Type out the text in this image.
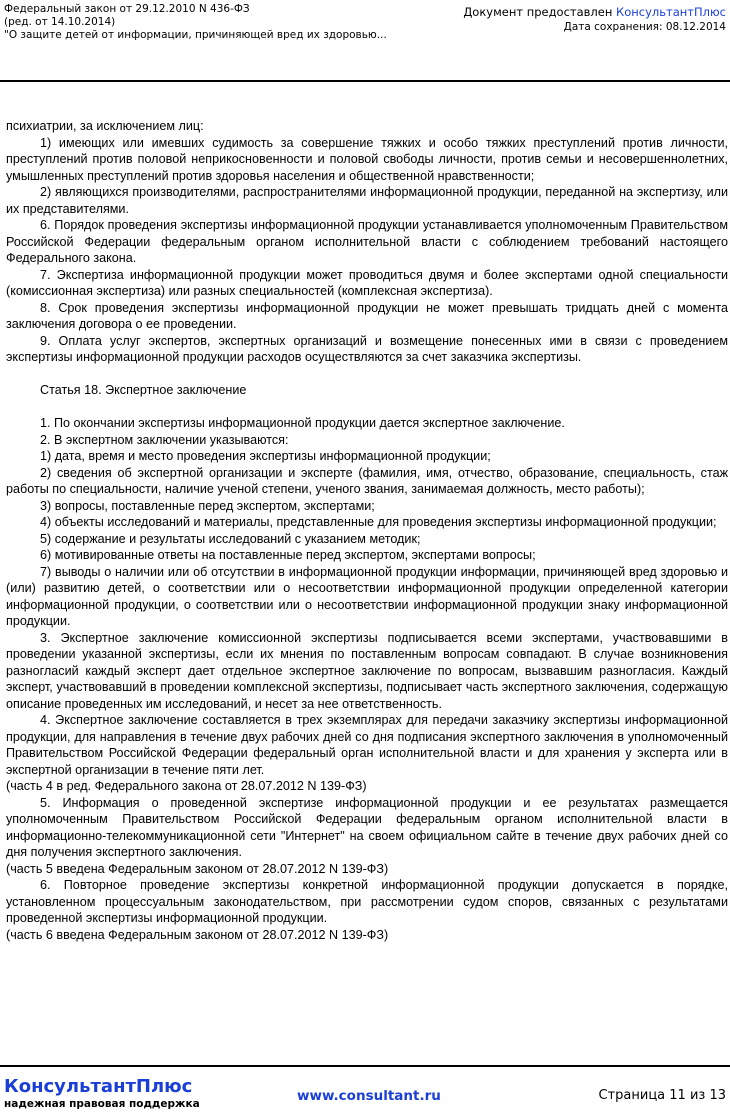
Федеральный закон от 29.12.2010 N 436-ФЗ
(ред. от 14.10.2014)
"О защите детей от информации, причиняющей вред их здоровью...
Документ предоставлен КонсультантПлюс
Дата сохранения: 08.12.2014

психиатрии, за исключением лиц:

1) имеющих или имевших судимость за совершение тяжких и особо тяжких преступлений против личности, преступлений против половой неприкосновенности и половой свободы личности, против семьи и несовершеннолетних, умышленных преступлений против здоровья населения и общественной нравственности;

2) являющихся производителями, распространителями информационной продукции, переданной на экспертизу, или их представителями.

6. Порядок проведения экспертизы информационной продукции устанавливается уполномоченным Правительством Российской Федерации федеральным органом исполнительной власти с соблюдением требований настоящего Федерального закона.

7. Экспертиза информационной продукции может проводиться двумя и более экспертами одной специальности (комиссионная экспертиза) или разных специальностей (комплексная экспертиза).

8. Срок проведения экспертизы информационной продукции не может превышать тридцать дней с момента заключения договора о ее проведении.

9. Оплата услуг экспертов, экспертных организаций и возмещение понесенных ими в связи с проведением экспертизы информационной продукции расходов осуществляются за счет заказчика экспертизы.

Статья 18. Экспертное заключение

1. По окончании экспертизы информационной продукции дается экспертное заключение.

2. В экспертном заключении указываются:

1) дата, время и место проведения экспертизы информационной продукции;

2) сведения об экспертной организации и эксперте (фамилия, имя, отчество, образование, специальность, стаж работы по специальности, наличие ученой степени, ученого звания, занимаемая должность, место работы);

3) вопросы, поставленные перед экспертом, экспертами;

4) объекты исследований и материалы, представленные для проведения экспертизы информационной продукции;

5) содержание и результаты исследований с указанием методик;

6) мотивированные ответы на поставленные перед экспертом, экспертами вопросы;

7) выводы о наличии или об отсутствии в информационной продукции информации, причиняющей вред здоровью и (или) развитию детей, о соответствии или о несоответствии информационной продукции определенной категории информационной продукции, о соответствии или о несоответствии информационной продукции знаку информационной продукции.

3. Экспертное заключение комиссионной экспертизы подписывается всеми экспертами, участвовавшими в проведении указанной экспертизы, если их мнения по поставленным вопросам совпадают. В случае возникновения разногласий каждый эксперт дает отдельное экспертное заключение по вопросам, вызвавшим разногласия. Каждый эксперт, участвовавший в проведении комплексной экспертизы, подписывает часть экспертного заключения, содержащую описание проведенных им исследований, и несет за нее ответственность.

4. Экспертное заключение составляется в трех экземплярах для передачи заказчику экспертизы информационной продукции, для направления в течение двух рабочих дней со дня подписания экспертного заключения в уполномоченный Правительством Российской Федерации федеральный орган исполнительной власти и для хранения у эксперта или в экспертной организации в течение пяти лет.

(часть 4 в ред. Федерального закона от 28.07.2012 N 139-ФЗ)

5. Информация о проведенной экспертизе информационной продукции и ее результатах размещается уполномоченным Правительством Российской Федерации федеральным органом исполнительной власти в информационно-телекоммуникационной сети "Интернет" на своем официальном сайте в течение двух рабочих дней со дня получения экспертного заключения.

(часть 5 введена Федеральным законом от 28.07.2012 N 139-ФЗ)

6. Повторное проведение экспертизы конкретной информационной продукции допускается в порядке, установленном процессуальным законодательством, при рассмотрении судом споров, связанных с результатами проведенной экспертизы информационной продукции.

(часть 6 введена Федеральным законом от 28.07.2012 N 139-ФЗ)

КонсультантПлюс
надежная правовая поддержка	www.consultant.ru	Страница 11 из 13
